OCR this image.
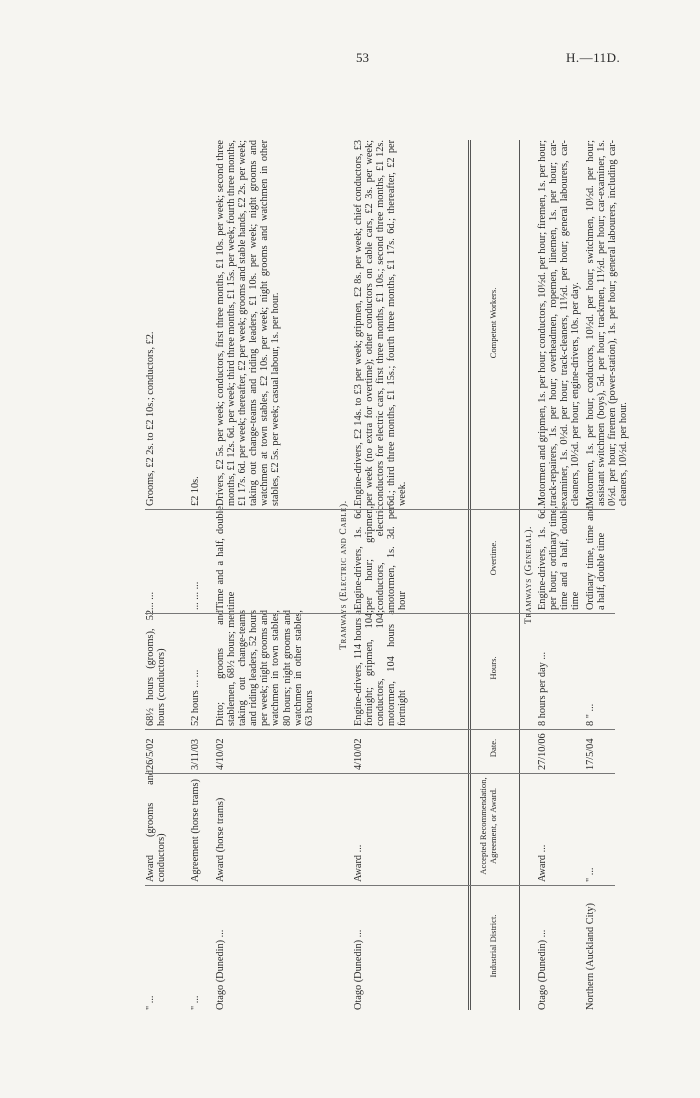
53	H.—11D.
" ...
Award (grooms and conductors)
26/5/02
68½ hours (grooms), 52 hours (conductors)
... ...
Grooms, £2 2s. to £2 10s.; conductors, £2.
" ...
Agreement (horse trams)
3/11/03
52 hours ... ...
... ... ...
£2 10s.
Otago (Dunedin) ...
Award (horse trams)
4/10/02
Ditto; grooms and stablemen, 68½ hours; men taking out change-teams and riding leaders, 52 hours per week; night grooms and watchmen in town stables, 80 hours; night grooms and watchmen in other stables, 63 hours
Time and a half, double time
Drivers, £2 5s. per week; conductors, first three months, £1 10s. per week; second three months, £1 12s. 6d. per week; third three months, £1 15s. per week; fourth three months, £1 17s. 6d. per week; thereafter, £2 per week; grooms and stable hands, £2 2s. per week; taking out change-teams and riding leaders, £1 10s. per week; night grooms and watchmen at town stables, £2 10s. per week; night grooms and watchmen in other stables, £2 5s. per week; casual labour, 1s. per hour.
Tramways (Electric and Cable).
Otago (Dunedin) ...
Award ...
4/10/02
Engine-drivers, 114 hours a fortnight; gripmen, 104; conductors, 104; motormen, 104 hours a fortnight
Engine-drivers, 1s. 6d. per hour; gripmen, conductors, electric motormen, 1s. 3d. per hour
Engine-drivers, £2 14s. to £3 per week; gripmen, £2 8s. per week; chief conductors, £3 per week (no extra for overtime); other conductors on cable cars, £2 3s. per week; conductors for electric cars, first three months, £1 10s.; second three months, £1 12s. 6d.; third three months, £1 15s.; fourth three months, £1 17s. 6d.; thereafter, £2 per week.
Industrial District.
Accepted Recommendation, Agreement, or Award.
Date.
Hours.
Overtime.
Competent Workers.
Tramways (General).
Otago (Dunedin) ...
Award ...
27/10/06
8 hours per day ...
Engine-drivers, 1s. 6d. per hour; ordinary time, time and a half, double time
Motormen and gripmen, 1s. per hour; conductors, 10½d. per hour; firemen, 1s. per hour; track-repairers, 1s. per hour; overheadmen, ropemen, linemen, 1s. per hour; car-examiner, 1s. 0½d. per hour; track-cleaners, 11½d. per hour; general labourers, car-cleaners, 10½d. per hour; engine-drivers, 10s. per day.
Northern (Auckland City)
" ...
17/5/04
8 " ...
Ordinary time, time and a half, double time
Motormen, 1s. per hour; conductors, 10½d. per hour; switchmen, 10½d. per hour; assistant switchmen (boys), 5d. per hour; trackmen, 11½d. per hour; car-examiner, 1s. 0½d. per hour; firemen (power-station), 1s. per hour; general labourers, including car-cleaners, 10½d. per hour.
